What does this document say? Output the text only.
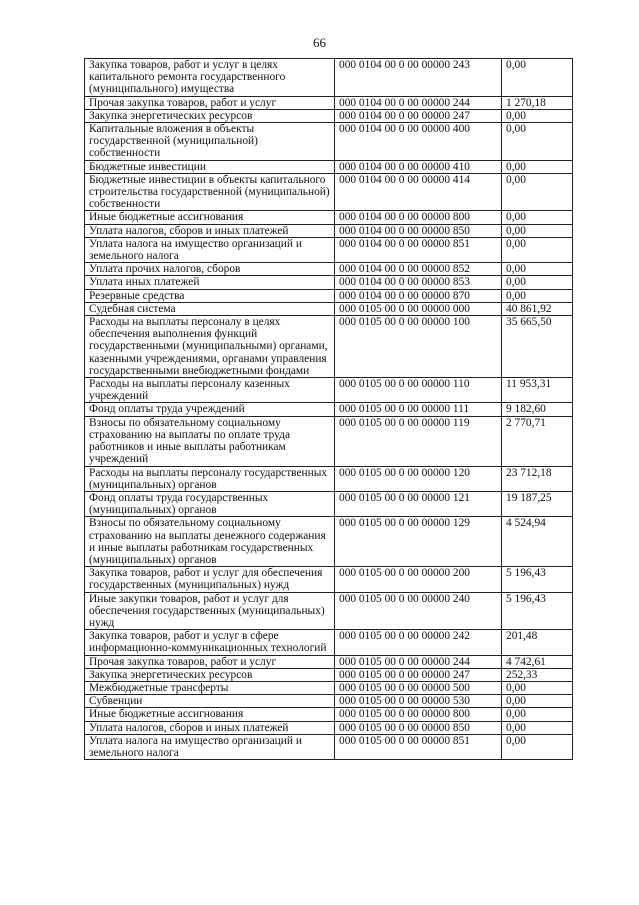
66
Закупка товаров, работ и услуг в целях капитального ремонта государственного (муниципального) имущества	000 0104 00 0 00 00000 243	0,00
Прочая закупка товаров, работ и услуг	000 0104 00 0 00 00000 244	1 270,18
Закупка энергетических ресурсов	000 0104 00 0 00 00000 247	0,00
Капитальные вложения в объекты государственной (муниципальной) собственности	000 0104 00 0 00 00000 400	0,00
Бюджетные инвестиции	000 0104 00 0 00 00000 410	0,00
Бюджетные инвестиции в объекты капитального строительства государственной (муниципальной) собственности	000 0104 00 0 00 00000 414	0,00
Иные бюджетные ассигнования	000 0104 00 0 00 00000 800	0,00
Уплата налогов, сборов и иных платежей	000 0104 00 0 00 00000 850	0,00
Уплата налога на имущество организаций и земельного налога	000 0104 00 0 00 00000 851	0,00
Уплата прочих налогов, сборов	000 0104 00 0 00 00000 852	0,00
Уплата иных платежей	000 0104 00 0 00 00000 853	0,00
Резервные средства	000 0104 00 0 00 00000 870	0,00
Судебная система	000 0105 00 0 00 00000 000	40 861,92
Расходы на выплаты персоналу в целях обеспечения выполнения функций государственными (муниципальными) органами, казенными учреждениями, органами управления государственными внебюджетными фондами	000 0105 00 0 00 00000 100	35 665,50
Расходы на выплаты персоналу казенных учреждений	000 0105 00 0 00 00000 110	11 953,31
Фонд оплаты труда учреждений	000 0105 00 0 00 00000 111	9 182,60
Взносы по обязательному социальному страхованию на выплаты по оплате труда работников и иные выплаты работникам учреждений	000 0105 00 0 00 00000 119	2 770,71
Расходы на выплаты персоналу государственных (муниципальных) органов	000 0105 00 0 00 00000 120	23 712,18
Фонд оплаты труда государственных (муниципальных) органов	000 0105 00 0 00 00000 121	19 187,25
Взносы по обязательному социальному страхованию на выплаты денежного содержания и иные выплаты работникам государственных (муниципальных) органов	000 0105 00 0 00 00000 129	4 524,94
Закупка товаров, работ и услуг для обеспечения государственных (муниципальных) нужд	000 0105 00 0 00 00000 200	5 196,43
Иные закупки товаров, работ и услуг для обеспечения государственных (муниципальных) нужд	000 0105 00 0 00 00000 240	5 196,43
Закупка товаров, работ и услуг в сфере информационно-коммуникационных технологий	000 0105 00 0 00 00000 242	201,48
Прочая закупка товаров, работ и услуг	000 0105 00 0 00 00000 244	4 742,61
Закупка энергетических ресурсов	000 0105 00 0 00 00000 247	252,33
Межбюджетные трансферты	000 0105 00 0 00 00000 500	0,00
Субвенции	000 0105 00 0 00 00000 530	0,00
Иные бюджетные ассигнования	000 0105 00 0 00 00000 800	0,00
Уплата налогов, сборов и иных платежей	000 0105 00 0 00 00000 850	0,00
Уплата налога на имущество организаций и земельного налога	000 0105 00 0 00 00000 851	0,00
